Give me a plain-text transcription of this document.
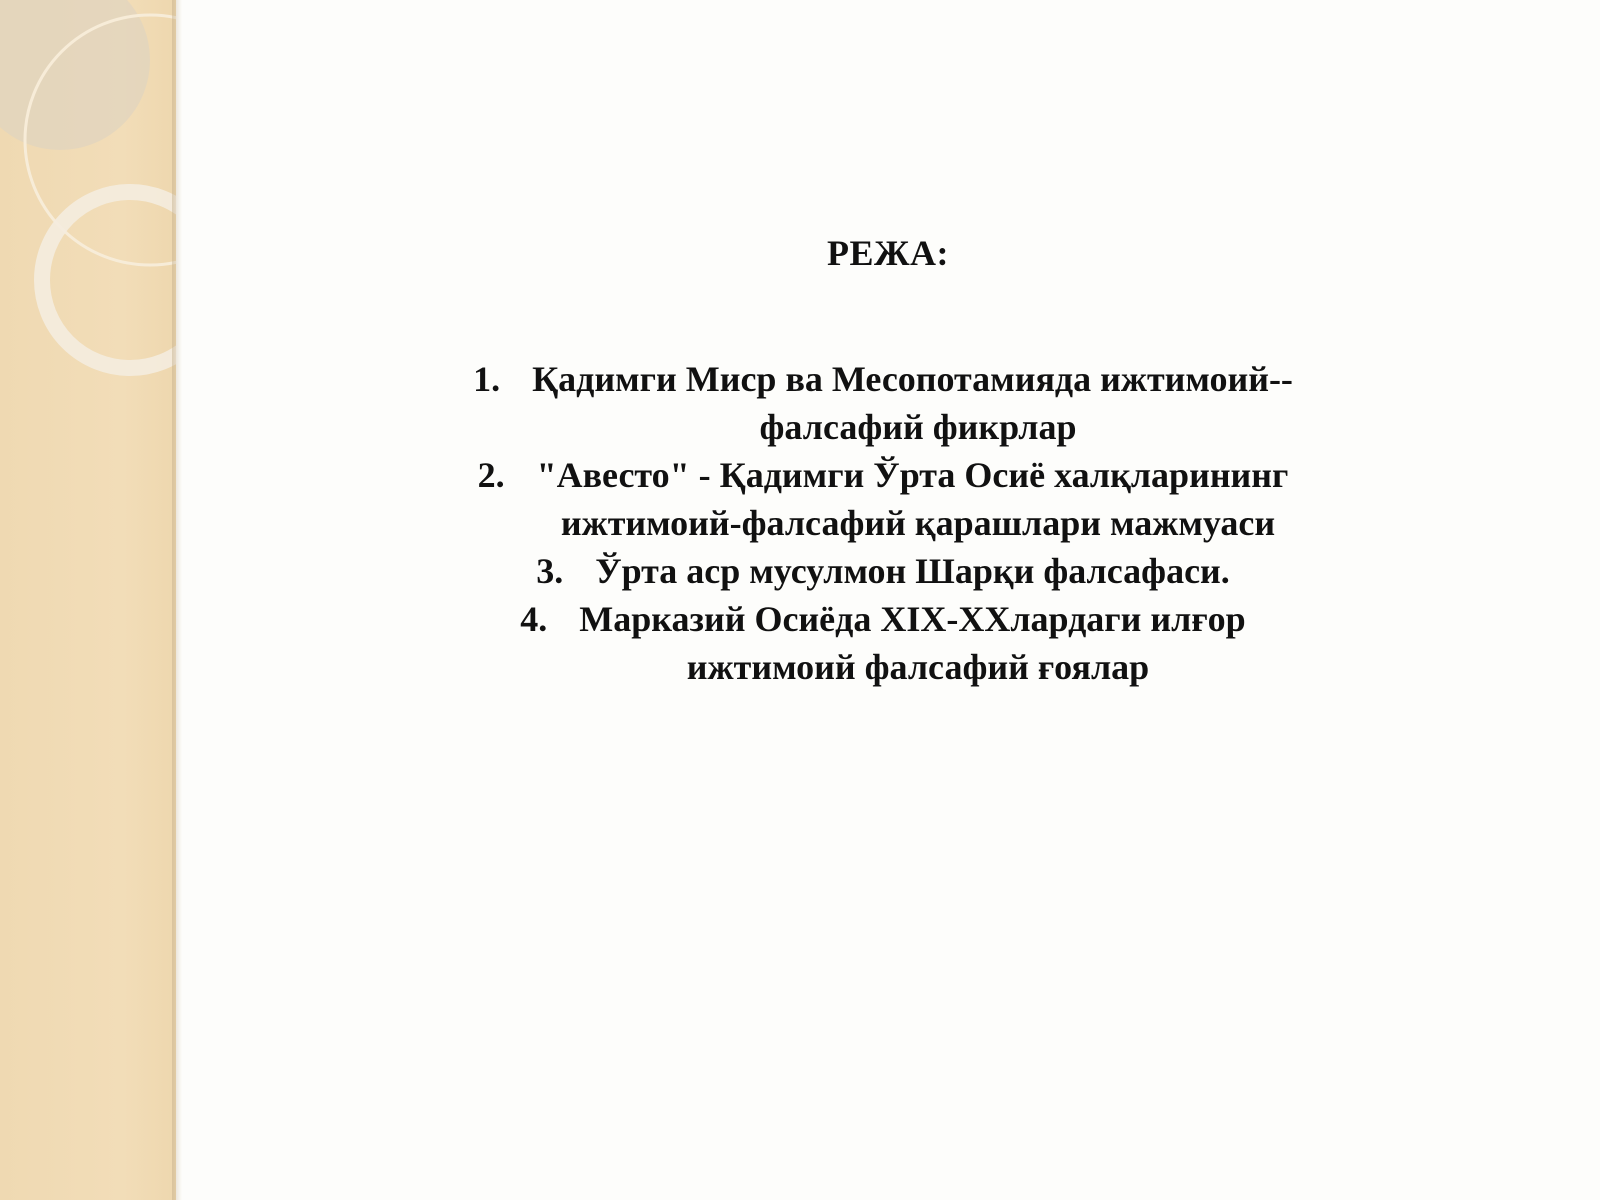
РЕЖА:
1. Қадимги Миср ва Месопотамияда ижтимоий--
фалсафий фикрлар
2. "Авесто" - Қадимги Ўрта Осиё халқларининг
ижтимоий-фалсафий қарашлари мажмуаси
3. Ўрта аср мусулмон Шарқи фалсафаси.
4. Марказий Осиёда XIX-XXлардаги илғор
ижтимоий фалсафий ғоялар
